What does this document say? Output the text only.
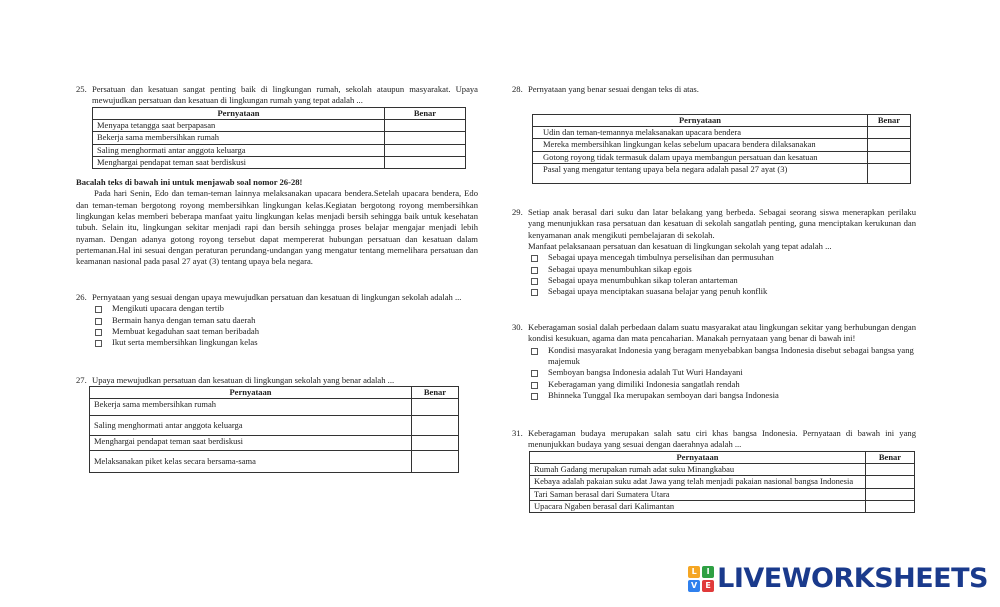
25. Persatuan dan kesatuan sangat penting baik di lingkungan rumah, sekolah ataupun masyarakat. Upaya mewujudkan persatuan dan kesatuan di lingkungan rumah yang tepat adalah ...
Pernyataan	Benar
Menyapa tetangga saat berpapasan	
Bekerja sama membersihkan rumah	
Saling menghormati antar anggota keluarga	
Menghargai pendapat teman saat berdiskusi	

Bacalah teks di bawah ini untuk menjawab soal nomor 26-28!

Pada hari Senin, Edo dan teman-teman lainnya melaksanakan upacara bendera.Setelah upacara bendera, Edo dan teman-teman bergotong royong membersihkan lingkungan kelas.Kegiatan bergotong royong membersihkan lingkungan kelas memberi beberapa manfaat yaitu lingkungan kelas menjadi bersih sehingga baik untuk kesehatan tubuh. Selain itu, lingkungan sekitar menjadi rapi dan bersih sehingga proses belajar mengajar menjadi lebih nyaman. Dengan adanya gotong royong tersebut dapat mempererat hubungan persatuan dan kesatuan dalam pertemanan.Hal ini sesuai dengan peraturan perundang-undangan yang mengatur tentang memelihara persatuan dan keamanan nasional pada pasal 27 ayat (3) tentang upaya bela negara.

26. Pernyataan yang sesuai dengan upaya mewujudkan persatuan dan kesatuan di lingkungan sekolah adalah ...
Mengikuti upacara dengan tertib
Bermain hanya dengan teman satu daerah
Membuat kegaduhan saat teman beribadah
Ikut serta membersihkan lingkungan kelas
27. Upaya mewujudkan persatuan dan kesatuan di lingkungan sekolah yang benar adalah ...
Pernyataan	Benar
Bekerja sama membersihkan rumah	
Saling menghormati antar anggota keluarga	
Menghargai pendapat teman saat berdiskusi	
Melaksanakan piket kelas secara bersama-sama	
28. Pernyataan yang benar sesuai dengan teks di atas.
Pernyataan	Benar
Udin dan teman-temannya melaksanakan upacara bendera	
Mereka membersihkan lingkungan kelas sebelum upacara bendera dilaksanakan	
Gotong royong tidak termasuk dalam upaya membangun persatuan dan kesatuan	
Pasal yang mengatur tentang upaya bela negara adalah pasal 27 ayat (3)	
29. Setiap anak berasal dari suku dan latar belakang yang berbeda. Sebagai seorang siswa menerapkan perilaku yang menunjukkan rasa persatuan dan kesatuan di sekolah sangatlah penting, guna menciptakan kerukunan dan kenyamanan anak mengikuti pembelajaran di sekolah.
Manfaat pelaksanaan persatuan dan kesatuan di lingkungan sekolah yang tepat adalah ...
Sebagai upaya mencegah timbulnya perselisihan dan permusuhan
Sebagai upaya menumbuhkan sikap egois
Sebagai upaya menumbuhkan sikap toleran antarteman
Sebagai upaya menciptakan suasana belajar yang penuh konflik
30. Keberagaman sosial dalah perbedaan dalam suatu masyarakat atau lingkungan sekitar yang berhubungan dengan kondisi kesukuan, agama dan mata pencaharian. Manakah pernyataan yang benar di bawah ini!
Kondisi masyarakat Indonesia yang beragam menyebabkan bangsa Indonesia disebut sebagai bangsa yang majemuk
Semboyan bangsa Indonesia adalah Tut Wuri Handayani
Keberagaman yang dimiliki Indonesia sangatlah rendah
Bhinneka Tunggal Ika merupakan semboyan dari bangsa Indonesia
31. Keberagaman budaya merupakan salah satu ciri khas bangsa Indonesia. Pernyataan di bawah ini yang menunjukkan budaya yang sesuai dengan daerahnya adalah ...
Pernyataan	Benar
Rumah Gadang merupakan rumah adat suku Minangkabau	
Kebaya adalah pakaian suku adat Jawa yang telah menjadi pakaian nasional bangsa Indonesia	
Tari Saman berasal dari Sumatera Utara	
Upacara Ngaben berasal dari Kalimantan	
L	I
V	E LIVEWORKSHEETS
